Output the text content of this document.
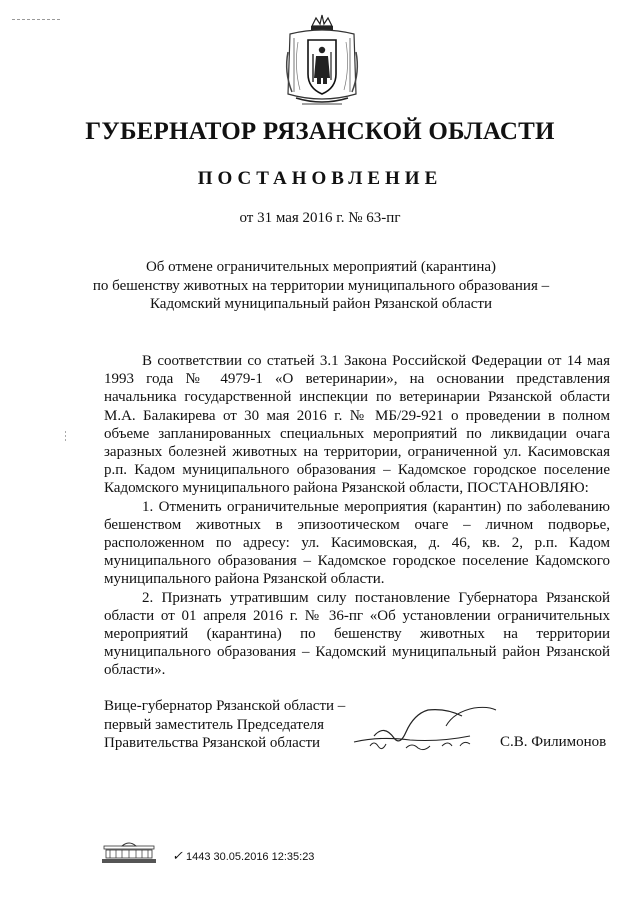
ГУБЕРНАТОР РЯЗАНСКОЙ ОБЛАСТИ
ПОСТАНОВЛЕНИЕ
от 31 мая 2016 г. № 63-пг
Об отмене ограничительных мероприятий (карантина)
по бешенству животных на территории муниципального образования –
Кадомский муниципальный район Рязанской области

В соответствии со статьей 3.1 Закона Российской Федерации от 14 мая 1993 года № 4979-1 «О ветеринарии», на основании представления начальника государственной инспекции по ветеринарии Рязанской области М.А. Балакирева от 30 мая 2016 г. № МБ/29-921 о проведении в полном объеме запланированных специальных мероприятий по ликвидации очага заразных болезней животных на территории, ограниченной ул. Касимовская р.п. Кадом муниципального образования – Кадомское городское поселение Кадомского муниципального района Рязанской области, ПОСТАНОВЛЯЮ:

1. Отменить ограничительные мероприятия (карантин) по заболеванию бешенством животных в эпизоотическом очаге – личном подворье, расположенном по адресу: ул. Касимовская, д. 46, кв. 2, р.п. Кадом муниципального образования – Кадомское городское поселение Кадомского муниципального района Рязанской области.

2. Признать утратившим силу постановление Губернатора Рязанской области от 01 апреля 2016 г. № 36-пг «Об установлении ограничительных мероприятий (карантина) по бешенству животных на территории муниципального образования – Кадомский муниципальный район Рязанской области».

Вице-губернатор Рязанской области –
первый заместитель Председателя
Правительства Рязанской области	С.В. Филимонов
✓ 1443 30.05.2016 12:35:23
